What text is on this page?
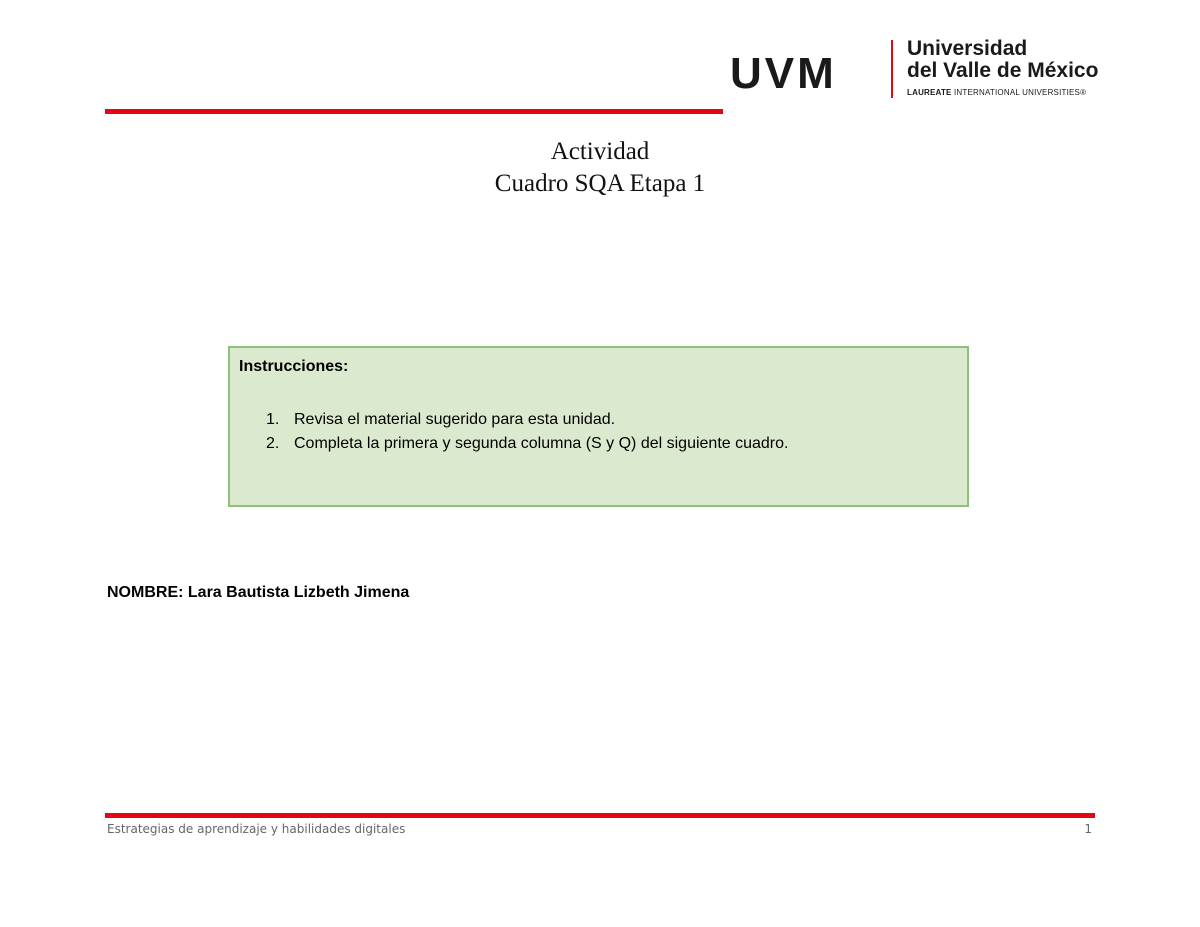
UVM
Universidad
del Valle de México
LAUREATE INTERNATIONAL UNIVERSITIES®
Actividad
Cuadro SQA Etapa 1
Instrucciones:
1. Revisa el material sugerido para esta unidad.
2. Completa la primera y segunda columna (S y Q) del siguiente cuadro.
NOMBRE: Lara Bautista Lizbeth Jimena
Estrategias de aprendizaje y habilidades digitales	1
